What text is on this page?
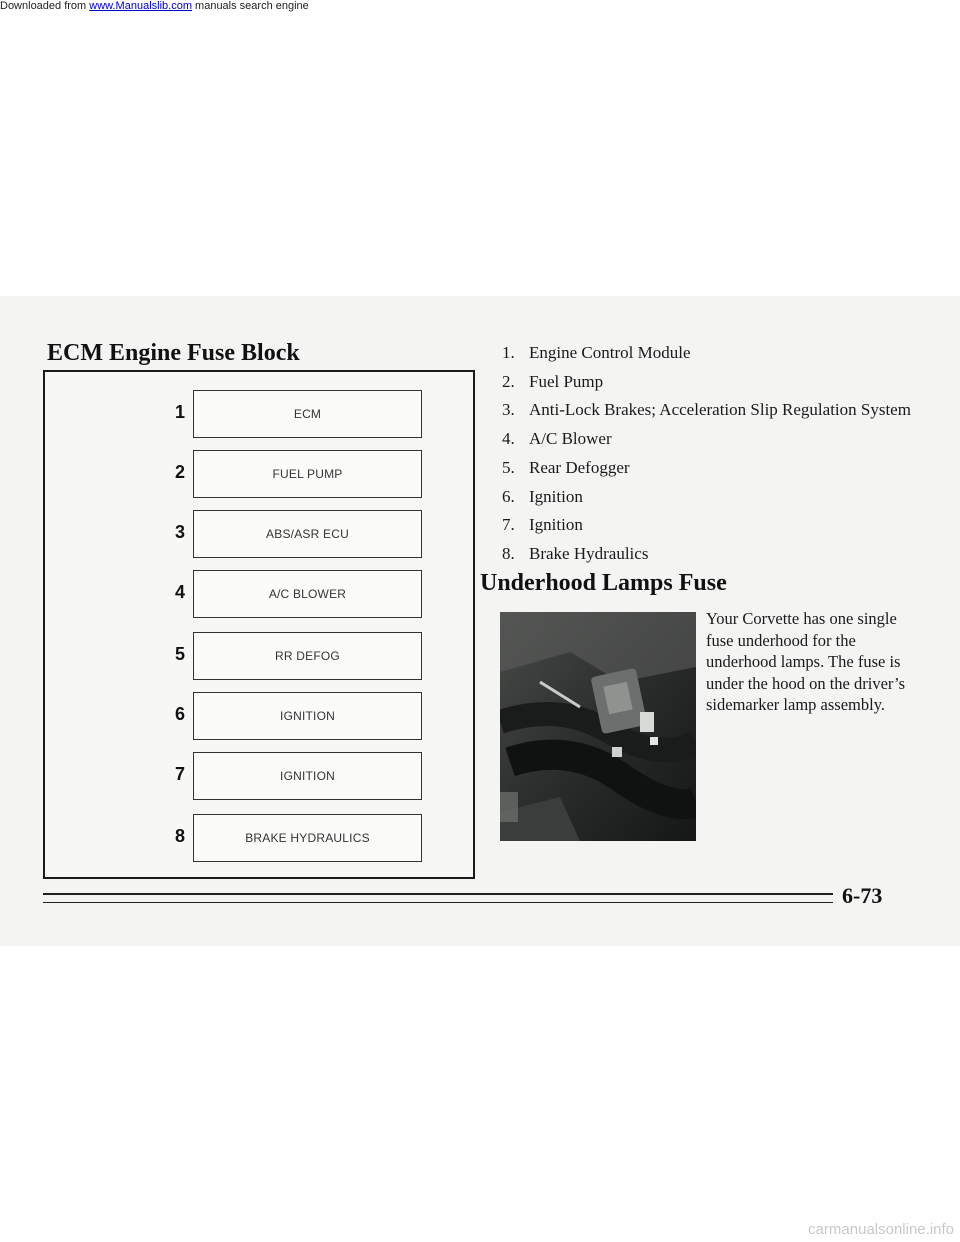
Downloaded from www.Manualslib.com manuals search engine
ECM Engine Fuse Block
1	ECM
2	FUEL PUMP
3	ABS/ASR ECU
4	A/C BLOWER
5	RR DEFOG
6	IGNITION
7	IGNITION
8	BRAKE HYDRAULICS
1. Engine Control Module
2. Fuel Pump
3. Anti-Lock Brakes; Acceleration Slip Regulation System
4. A/C Blower
5. Rear Defogger
6. Ignition
7. Ignition
8. Brake Hydraulics
Underhood Lamps Fuse

Your Corvette has one single fuse underhood for the underhood lamps. The fuse is under the hood on the driver’s sidemarker lamp assembly.

6-73
carmanualsonline.info
